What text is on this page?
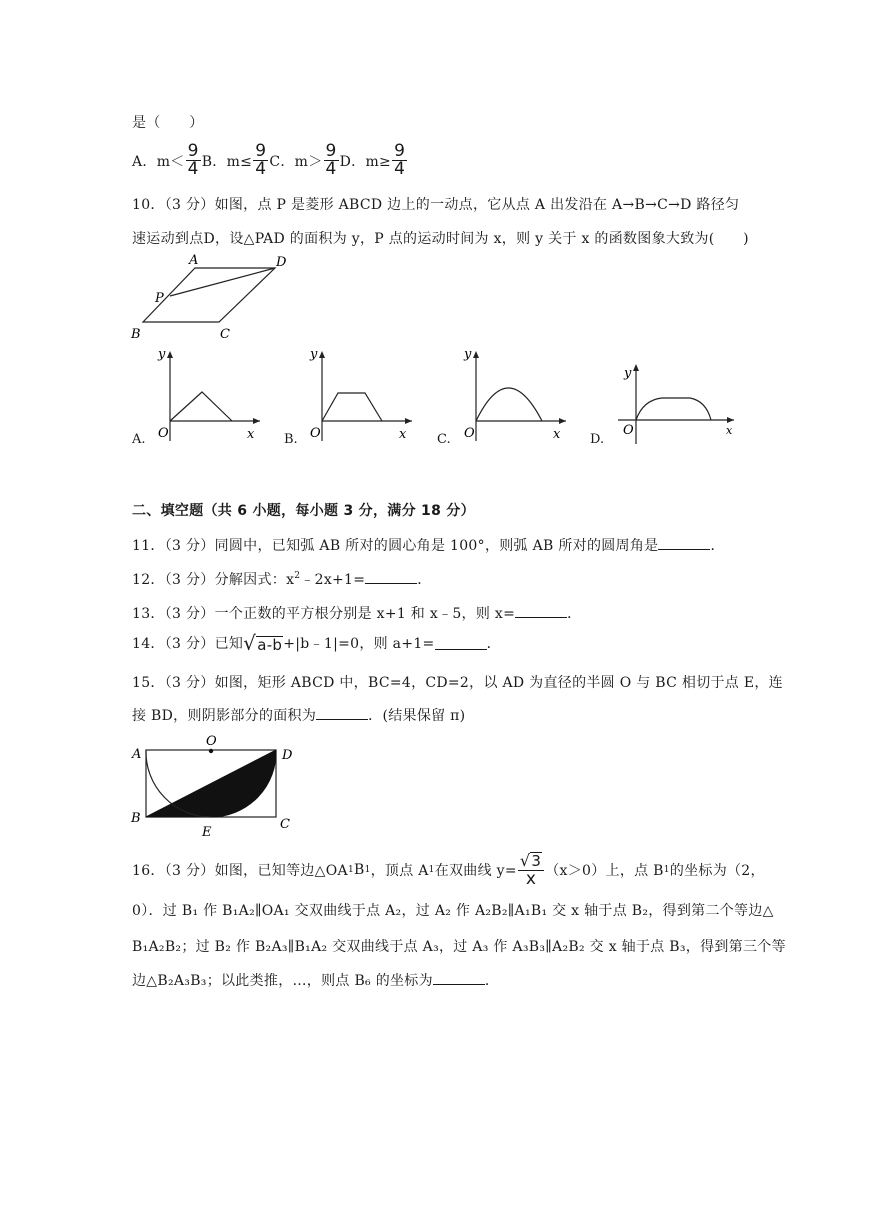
是（　　）
A．$m< \frac{9}{4}$ B．$m\le \frac{9}{4}$ C．$m> \frac{9}{4}$ D．$m\ge \frac{9}{4}$
10．（3 分）如图，点 P 是菱形 ABCD 边上的一动点，它从点 A 出发沿在 A→B→C→D 路径匀
速运动到点D，设△PAD 的面积为 y，P 点的运动时间为 x，则 y 关于 x 的函数图象大致为(　　)
A	D
P
B	C
A.
y
O	x B.
y
O	x C.
y
O	x D.
y
O	x
二、填空题（共 6 小题，每小题 3 分，满分 18 分）
11．（3 分）同圆中，已知弧 AB 所对的圆心角是 100°，则弧 AB 所对的圆周角是	．
12．（3 分）分解因式：$x^2﹣2x+1=$	．
13．（3 分）一个正数的平方根分别是 x+1 和 x﹣5，则 x=	．
14．（3 分）已知 √ a-b +|b﹣1|=0，则 a+1=	．
15．（3 分）如图，矩形 ABCD 中，BC=4，CD=2，以 AD 为直径的半圆 O 与 BC 相切于点 E，连
接 BD，则阴影部分的面积为	．(结果保留 π)
A	D
O
B	C
E
16．（3 分）如图，已知等边△OA 1 B 1 ，顶点 A 1 在双曲线 $y= \frac{√ 3}{x} (x>0)$上，点 B 1 的坐标为（2，
0）．过 B₁ 作 B₁A₂∥OA₁ 交双曲线于点 A₂，过 A₂ 作 A₂B₂∥A₁B₁ 交 x 轴于点 B₂，得到第二个等边△
B₁A₂B₂；过 B₂ 作 B₂A₃∥B₁A₂ 交双曲线于点 A₃，过 A₃ 作 A₃B₃∥A₂B₂ 交 x 轴于点 B₃，得到第三个等
边△B₂A₃B₃；以此类推，…，则点 B₆ 的坐标为	．
